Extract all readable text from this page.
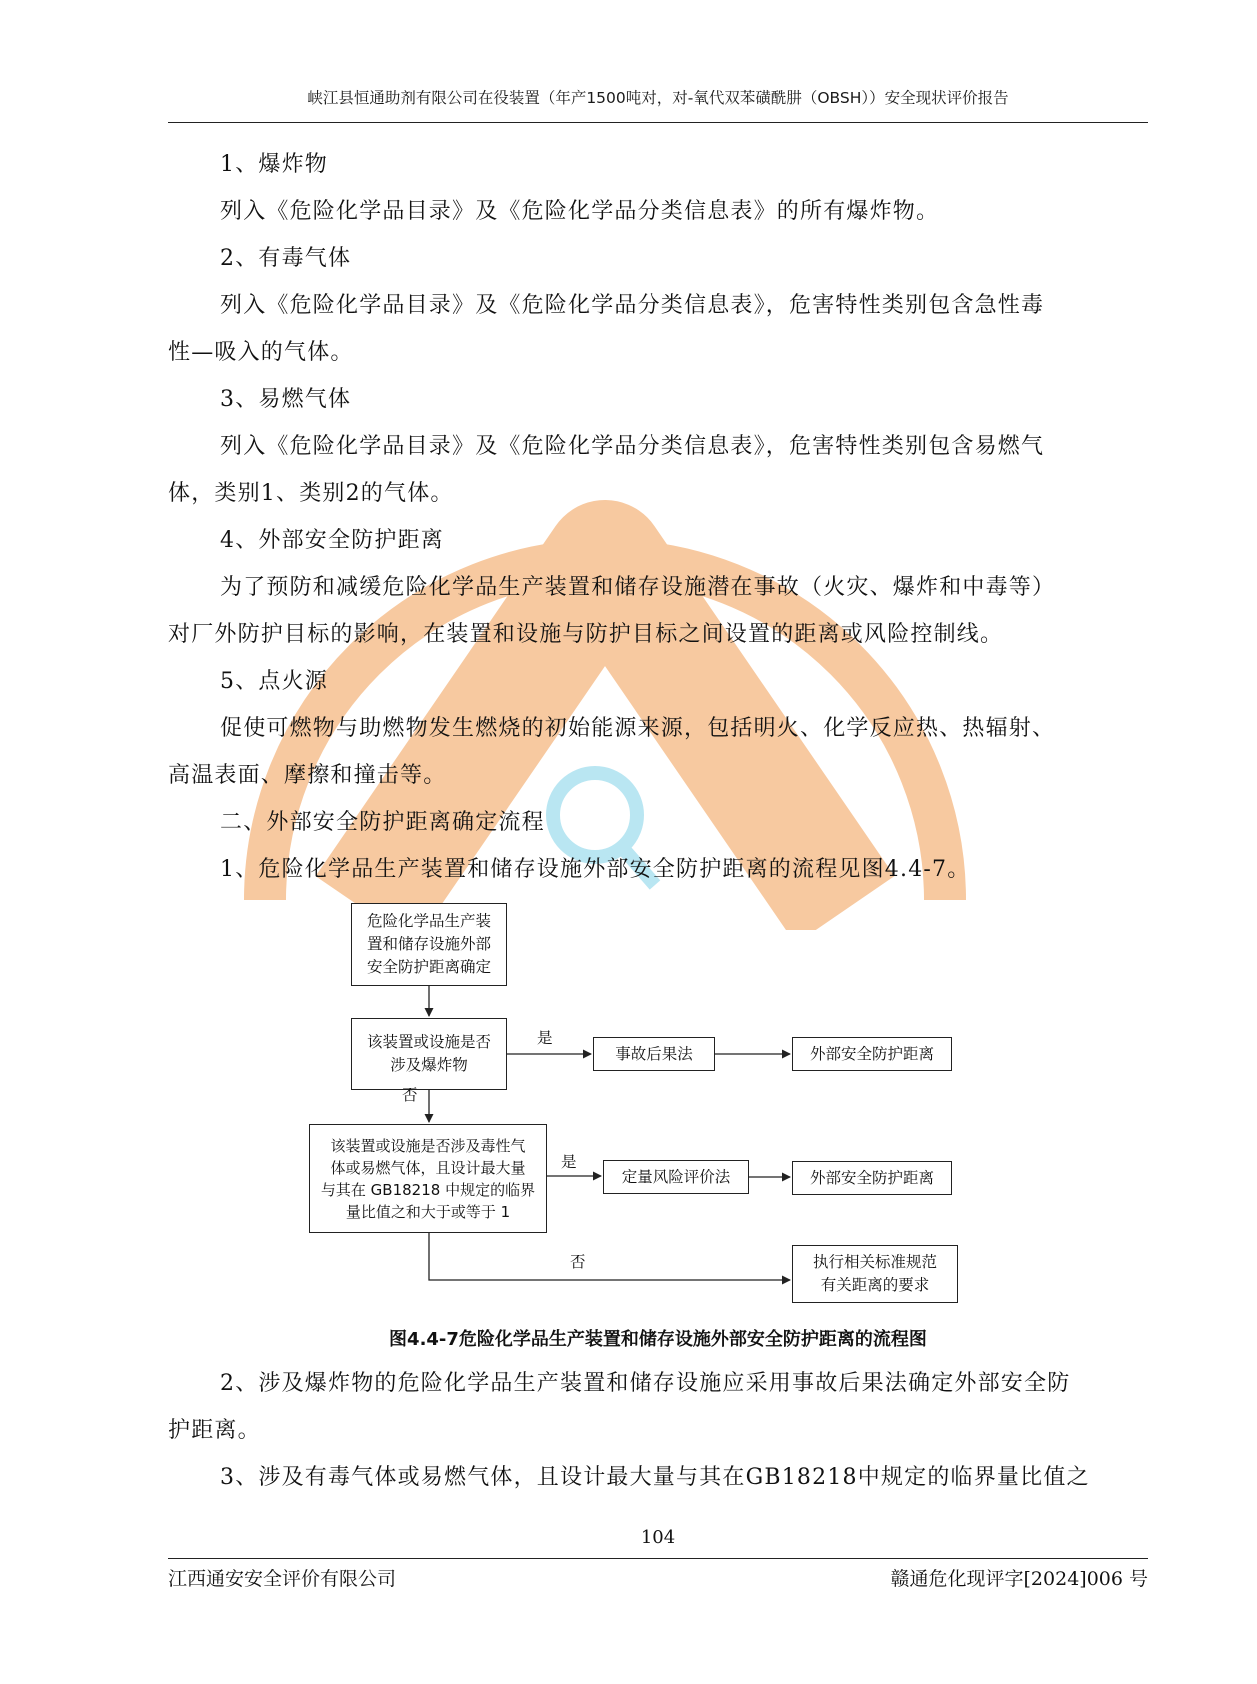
峡江县恒通助剂有限公司在役装置（年产1500吨对，对-氧代双苯磺酰肼（OBSH））安全现状评价报告

1、爆炸物

列入《危险化学品目录》及《危险化学品分类信息表》的所有爆炸物。

2、有毒气体

列入《危险化学品目录》及《危险化学品分类信息表》，危害特性类别包含急性毒

性—吸入的气体。

3、易燃气体

列入《危险化学品目录》及《危险化学品分类信息表》，危害特性类别包含易燃气

体，类别1、类别2的气体。

4、外部安全防护距离

为了预防和减缓危险化学品生产装置和储存设施潜在事故（火灾、爆炸和中毒等）

对厂外防护目标的影响，在装置和设施与防护目标之间设置的距离或风险控制线。

5、点火源

促使可燃物与助燃物发生燃烧的初始能源来源，包括明火、化学反应热、热辐射、

高温表面、摩擦和撞击等。

二、外部安全防护距离确定流程

1、危险化学品生产装置和储存设施外部安全防护距离的流程见图4.4-7。

危险化学品生产装
置和储存设施外部
安全防护距离确定
该装置或设施是否
涉及爆炸物
是
事故后果法	外部安全防护距离
否
该装置或设施是否涉及毒性气
体或易燃气体，且设计最大量
与其在 GB18218 中规定的临界
量比值之和大于或等于 1
是
定量风险评价法	外部安全防护距离
否	执行相关标准规范
有关距离的要求
图4.4-7危险化学品生产装置和储存设施外部安全防护距离的流程图

2、涉及爆炸物的危险化学品生产装置和储存设施应采用事故后果法确定外部安全防

护距离。

3、涉及有毒气体或易燃气体，且设计最大量与其在GB18218中规定的临界量比值之

104
江西通安安全评价有限公司	赣通危化现评字[2024]006 号
